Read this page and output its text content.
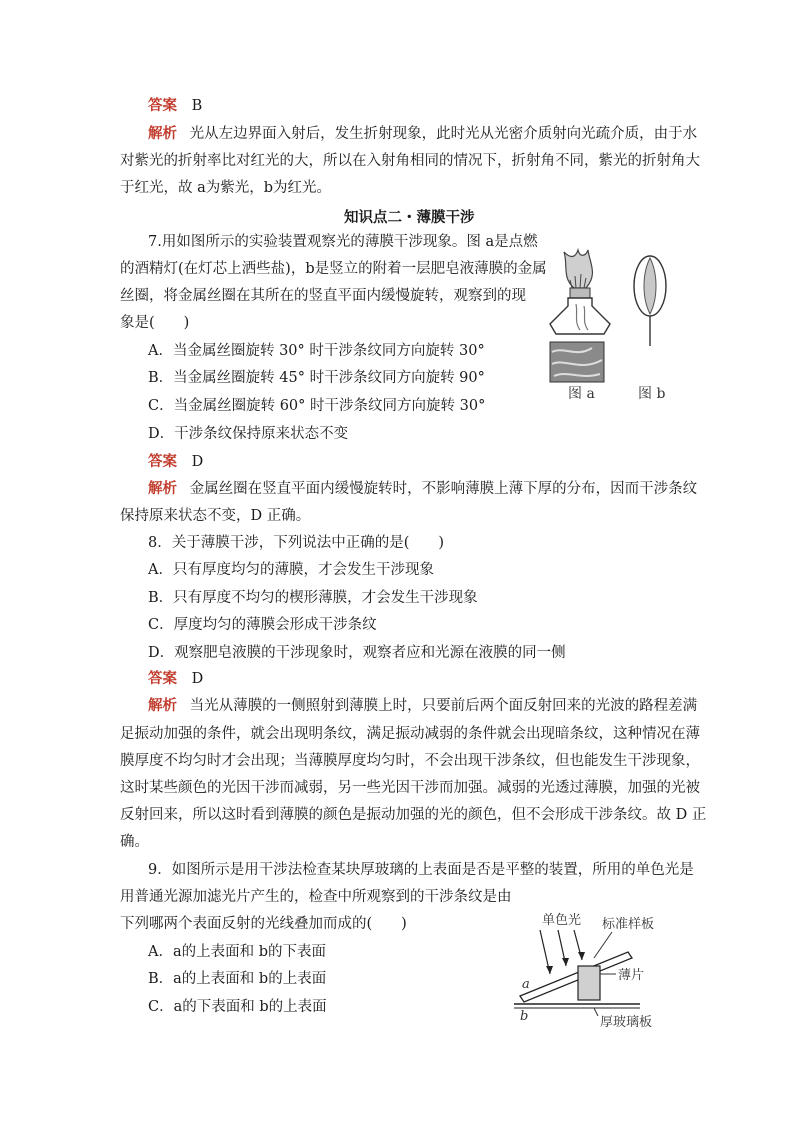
答案 B
解析 光从左边界面入射后，发生折射现象，此时光从光密介质射向光疏介质，由于水
对紫光的折射率比对红光的大，所以在入射角相同的情况下，折射角不同，紫光的折射角大
于红光，故 a为紫光，b为红光。
知识点二・薄膜干涉
7.用如图所示的实验装置观察光的薄膜干涉现象。图 a是点燃
的酒精灯(在灯芯上洒些盐)，b是竖立的附着一层肥皂液薄膜的金属
丝圈，将金属丝圈在其所在的竖直平面内缓慢旋转，观察到的现
象是(　　)
A．当金属丝圈旋转 30° 时干涉条纹同方向旋转 30°
B．当金属丝圈旋转 45° 时干涉条纹同方向旋转 90°
C．当金属丝圈旋转 60° 时干涉条纹同方向旋转 30°
D．干涉条纹保持原来状态不变
图 a	图 b
答案 D
解析 金属丝圈在竖直平面内缓慢旋转时，不影响薄膜上薄下厚的分布，因而干涉条纹
保持原来状态不变，D 正确。
8．关于薄膜干涉，下列说法中正确的是(　　)
A．只有厚度均匀的薄膜，才会发生干涉现象
B．只有厚度不均匀的楔形薄膜，才会发生干涉现象
C．厚度均匀的薄膜会形成干涉条纹
D．观察肥皂液膜的干涉现象时，观察者应和光源在液膜的同一侧
答案 D
解析 当光从薄膜的一侧照射到薄膜上时，只要前后两个面反射回来的光波的路程差满
足振动加强的条件，就会出现明条纹，满足振动减弱的条件就会出现暗条纹，这种情况在薄
膜厚度不均匀时才会出现；当薄膜厚度均匀时，不会出现干涉条纹，但也能发生干涉现象，
这时某些颜色的光因干涉而减弱，另一些光因干涉而加强。减弱的光透过薄膜，加强的光被
反射回来，所以这时看到薄膜的颜色是振动加强的光的颜色，但不会形成干涉条纹。故 D 正
确。
9．如图所示是用干涉法检查某块厚玻璃的上表面是否是平整的装置，所用的单色光是
用普通光源加滤光片产生的，检查中所观察到的干涉条纹是由
下列哪两个表面反射的光线叠加而成的(　　)
A．a的上表面和 b的下表面
B．a的上表面和 b的上表面
C．a的下表面和 b的上表面
单色光 标准样板
薄片
厚玻璃板
a
b
